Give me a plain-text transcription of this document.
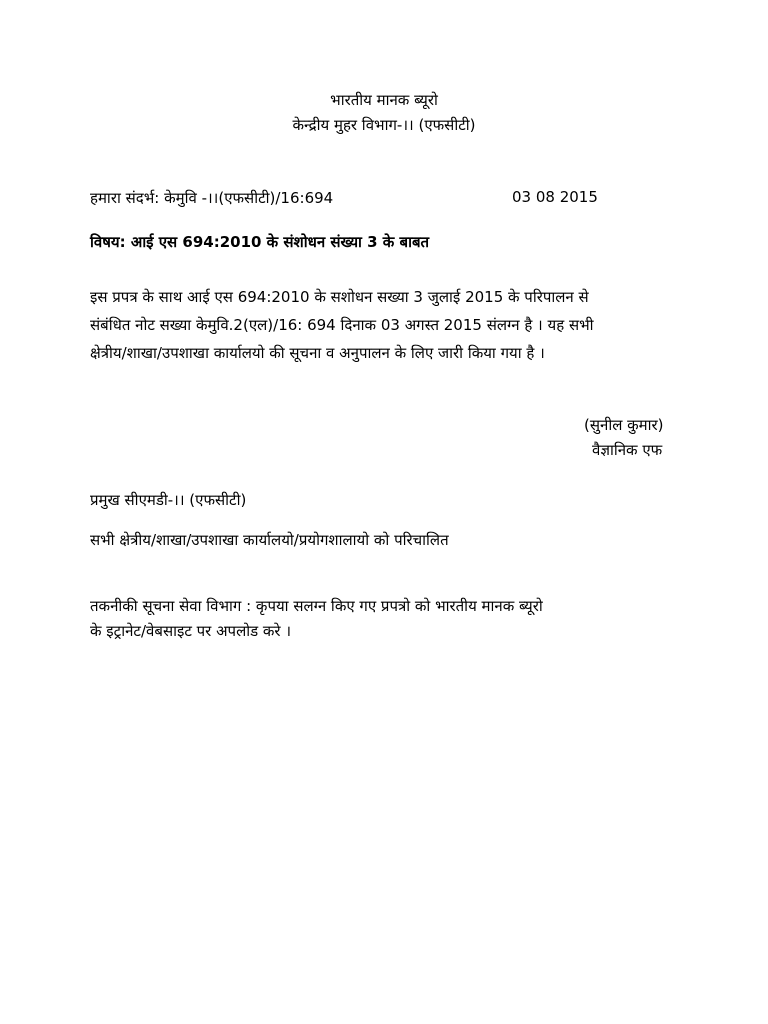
भारतीय मानक ब्यूरो
केन्द्रीय मुहर विभाग-।। (एफसीटी)
हमारा संदर्भ: केमुवि -।।(एफसीटी)/16:694	03 08 2015
विषय: आई एस 694:2010 के संशोधन संख्या 3 के बाबत

इस प्रपत्र के साथ आई एस 694:2010 के सशोधन सख्या 3 जुलाई 2015 के परिपालन से

संबंधित नोट सख्या केमुवि.2(एल)/16: 694 दिनाक 03 अगस्त 2015 संलग्न है । यह सभी

क्षेत्रीय/शाखा/उपशाखा कार्यालयो की सूचना व अनुपालन के लिए जारी किया गया है ।

(सुनील कुमार)
वैज्ञानिक एफ
प्रमुख सीएमडी-।। (एफसीटी)
सभी क्षेत्रीय/शाखा/उपशाखा कार्यालयो/प्रयोगशालायो को परिचालित
तकनीकी सूचना सेवा विभाग : कृपया सलग्न किए गए प्रपत्रो को भारतीय मानक ब्यूरो
के इट्रानेट/वेबसाइट पर अपलोड करे ।
